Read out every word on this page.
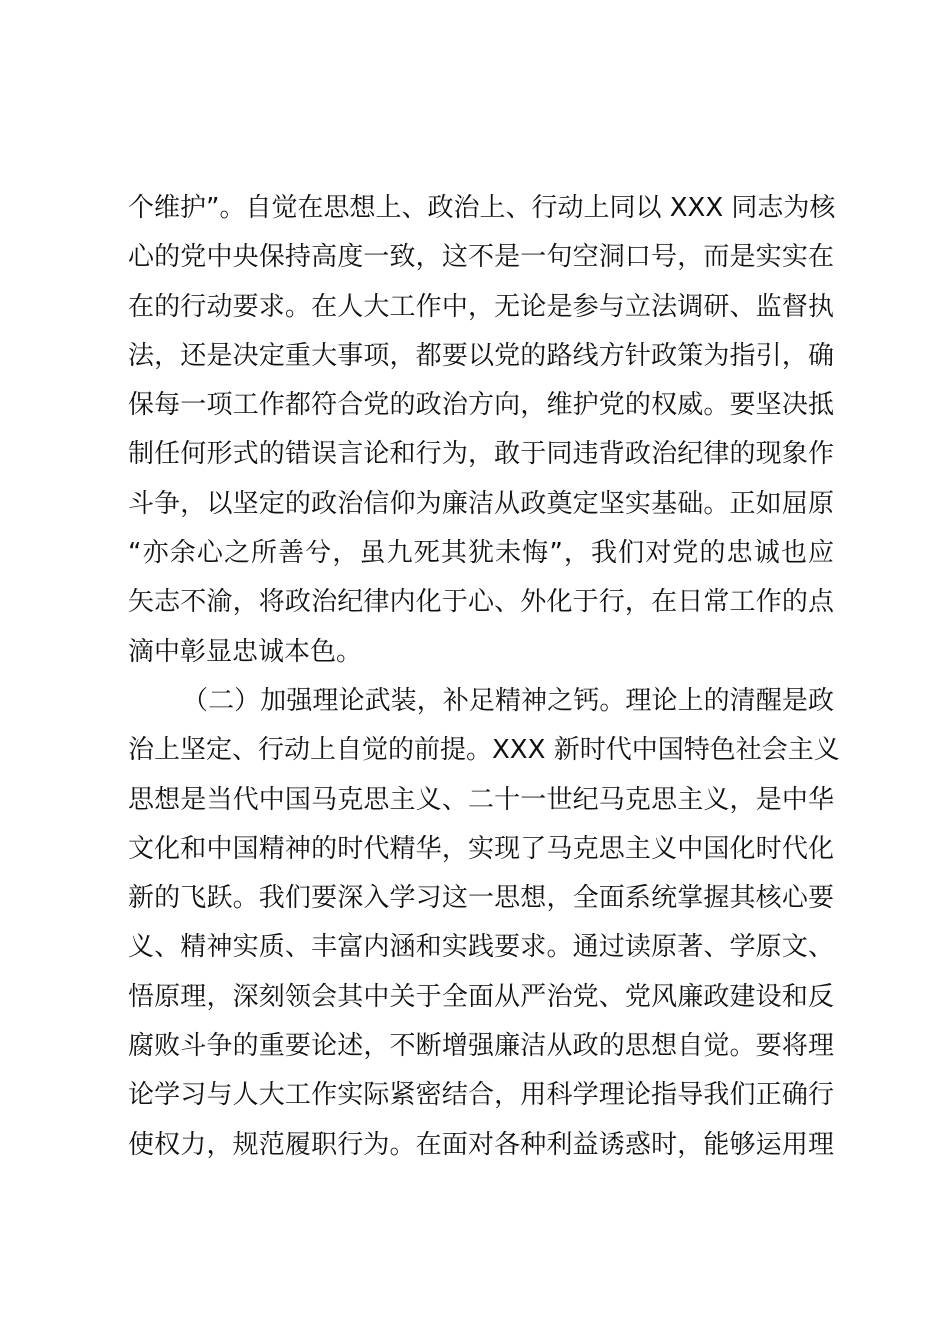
个维护”。自觉在思想上、政治上、行动上同以 XXX 同志为核
心的党中央保持高度一致，这不是一句空洞口号，而是实实在
在的行动要求。在人大工作中，无论是参与立法调研、监督执
法，还是决定重大事项，都要以党的路线方针政策为指引，确
保每一项工作都符合党的政治方向，维护党的权威。要坚决抵
制任何形式的错误言论和行为，敢于同违背政治纪律的现象作
斗争，以坚定的政治信仰为廉洁从政奠定坚实基础。正如屈原
“亦余心之所善兮，虽九死其犹未悔”，我们对党的忠诚也应
矢志不渝，将政治纪律内化于心、外化于行，在日常工作的点
滴中彰显忠诚本色。
（二）加强理论武装，补足精神之钙。理论上的清醒是政
治上坚定、行动上自觉的前提。XXX 新时代中国特色社会主义
思想是当代中国马克思主义、二十一世纪马克思主义，是中华
文化和中国精神的时代精华，实现了马克思主义中国化时代化
新的飞跃。我们要深入学习这一思想，全面系统掌握其核心要
义、精神实质、丰富内涵和实践要求。通过读原著、学原文、
悟原理，深刻领会其中关于全面从严治党、党风廉政建设和反
腐败斗争的重要论述，不断增强廉洁从政的思想自觉。要将理
论学习与人大工作实际紧密结合，用科学理论指导我们正确行
使权力，规范履职行为。在面对各种利益诱惑时，能够运用理
